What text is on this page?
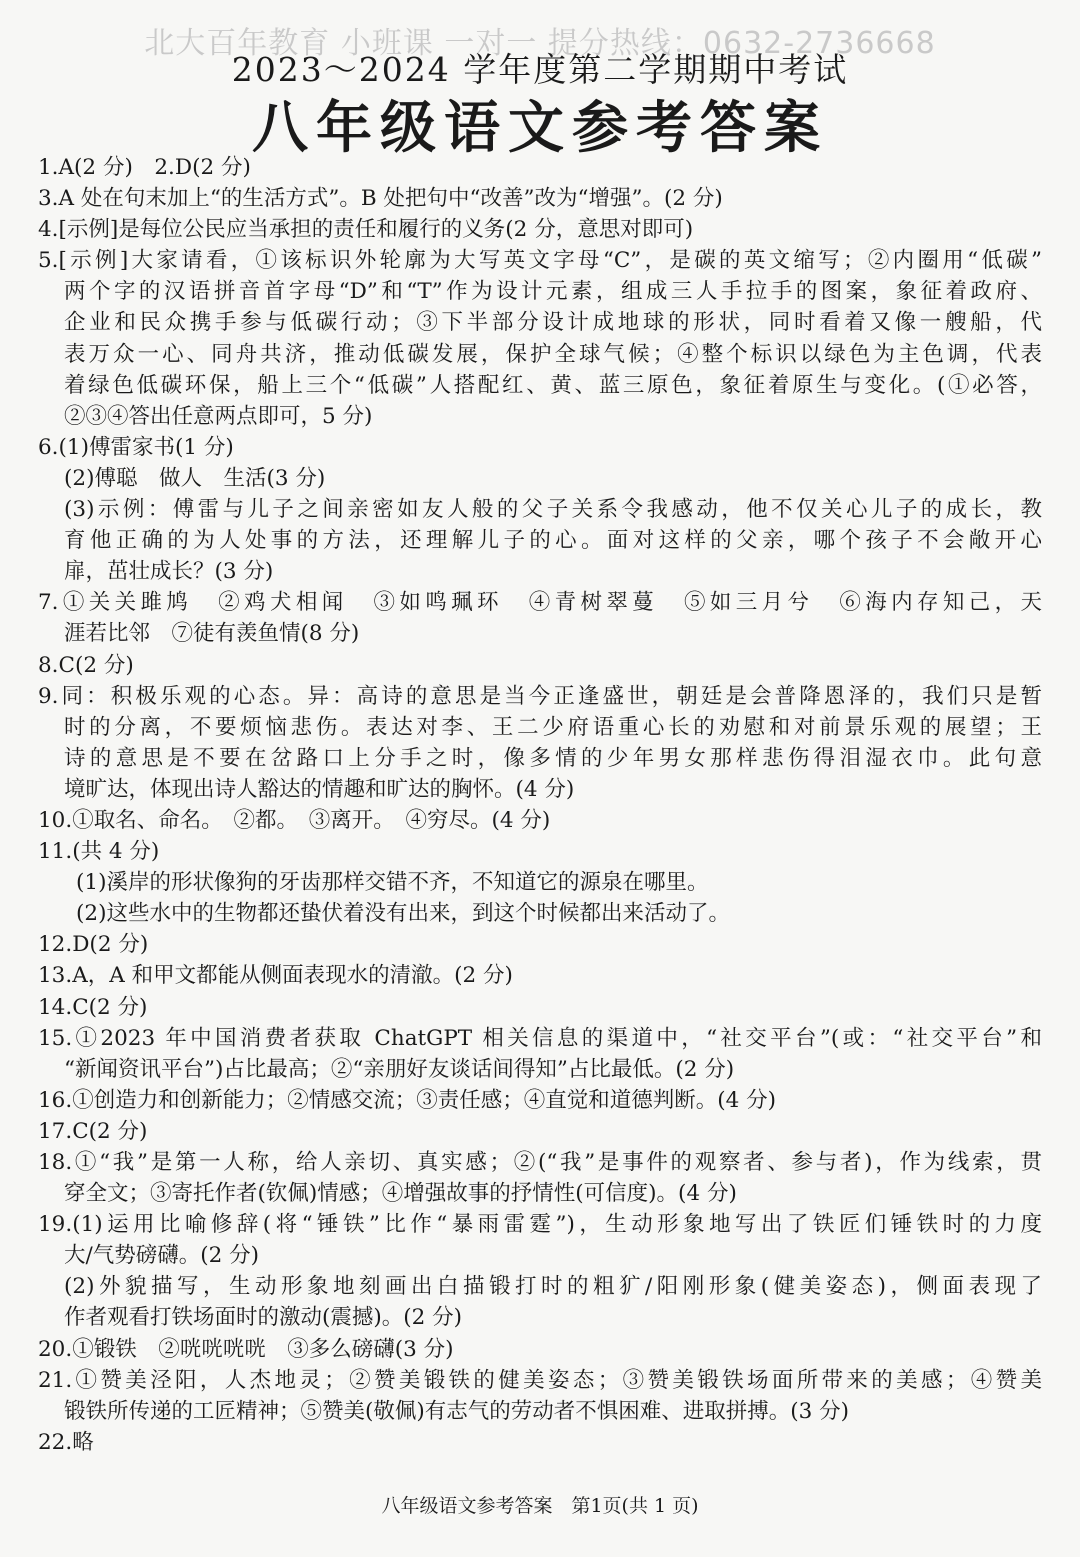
北大百年教育 小班课 一对一 提分热线：0632-2736668
2023～2024 学年度第二学期期中考试
八年级语文参考答案
1.A(2 分)　2.D(2 分)
3.A 处在句末加上“的生活方式”。B 处把句中“改善”改为“增强”。(2 分)
4.[示例]是每位公民应当承担的责任和履行的义务(2 分，意思对即可)
5.[示例]大家请看，①该标识外轮廓为大写英文字母“C”，是碳的英文缩写；②内圈用“低碳”
两个字的汉语拼音首字母“D”和“T”作为设计元素，组成三人手拉手的图案，象征着政府、
企业和民众携手参与低碳行动；③下半部分设计成地球的形状，同时看着又像一艘船，代
表万众一心、同舟共济，推动低碳发展，保护全球气候；④整个标识以绿色为主色调，代表
着绿色低碳环保，船上三个“低碳”人搭配红、黄、蓝三原色，象征着原生与变化。(①必答，
②③④答出任意两点即可，5 分)
6.(1)傅雷家书(1 分)
(2)傅聪　做人　生活(3 分)
(3)示例：傅雷与儿子之间亲密如友人般的父子关系令我感动，他不仅关心儿子的成长，教
育他正确的为人处事的方法，还理解儿子的心。面对这样的父亲，哪个孩子不会敞开心
扉，茁壮成长？(3 分)
7.①关关雎鸠　②鸡犬相闻　③如鸣珮环　④青树翠蔓　⑤如三月兮　⑥海内存知己，天
涯若比邻　⑦徒有羡鱼情(8 分)
8.C(2 分)
9.同：积极乐观的心态。异：高诗的意思是当今正逢盛世，朝廷是会普降恩泽的，我们只是暂
时的分离，不要烦恼悲伤。表达对李、王二少府语重心长的劝慰和对前景乐观的展望；王
诗的意思是不要在岔路口上分手之时，像多情的少年男女那样悲伤得泪湿衣巾。此句意
境旷达，体现出诗人豁达的情趣和旷达的胸怀。(4 分)
10.①取名、命名。　②都。　③离开。　④穷尽。(4 分)
11.(共 4 分)
(1)溪岸的形状像狗的牙齿那样交错不齐，不知道它的源泉在哪里。
(2)这些水中的生物都还蛰伏着没有出来，到这个时候都出来活动了。
12.D(2 分)
13.A，A 和甲文都能从侧面表现水的清澈。(2 分)
14.C(2 分)
15.①2023 年中国消费者获取 ChatGPT 相关信息的渠道中，“社交平台”(或：“社交平台”和
“新闻资讯平台”)占比最高；②“亲朋好友谈话间得知”占比最低。(2 分)
16.①创造力和创新能力；②情感交流；③责任感；④直觉和道德判断。(4 分)
17.C(2 分)
18.①“我”是第一人称，给人亲切、真实感；②(“我”是事件的观察者、参与者)，作为线索，贯
穿全文；③寄托作者(钦佩)情感；④增强故事的抒情性(可信度)。(4 分)
19.(1)运用比喻修辞(将“锤铁”比作“暴雨雷霆”)，生动形象地写出了铁匠们锤铁时的力度
大/气势磅礴。(2 分)
(2)外貌描写，生动形象地刻画出白描锻打时的粗犷/阳刚形象(健美姿态)，侧面表现了
作者观看打铁场面时的激动(震撼)。(2 分)
20.①锻铁　②咣咣咣咣　③多么磅礴(3 分)
21.①赞美泾阳，人杰地灵；②赞美锻铁的健美姿态；③赞美锻铁场面所带来的美感；④赞美
锻铁所传递的工匠精神；⑤赞美(敬佩)有志气的劳动者不惧困难、进取拼搏。(3 分)
22.略
八年级语文参考答案　第1页(共 1 页)
